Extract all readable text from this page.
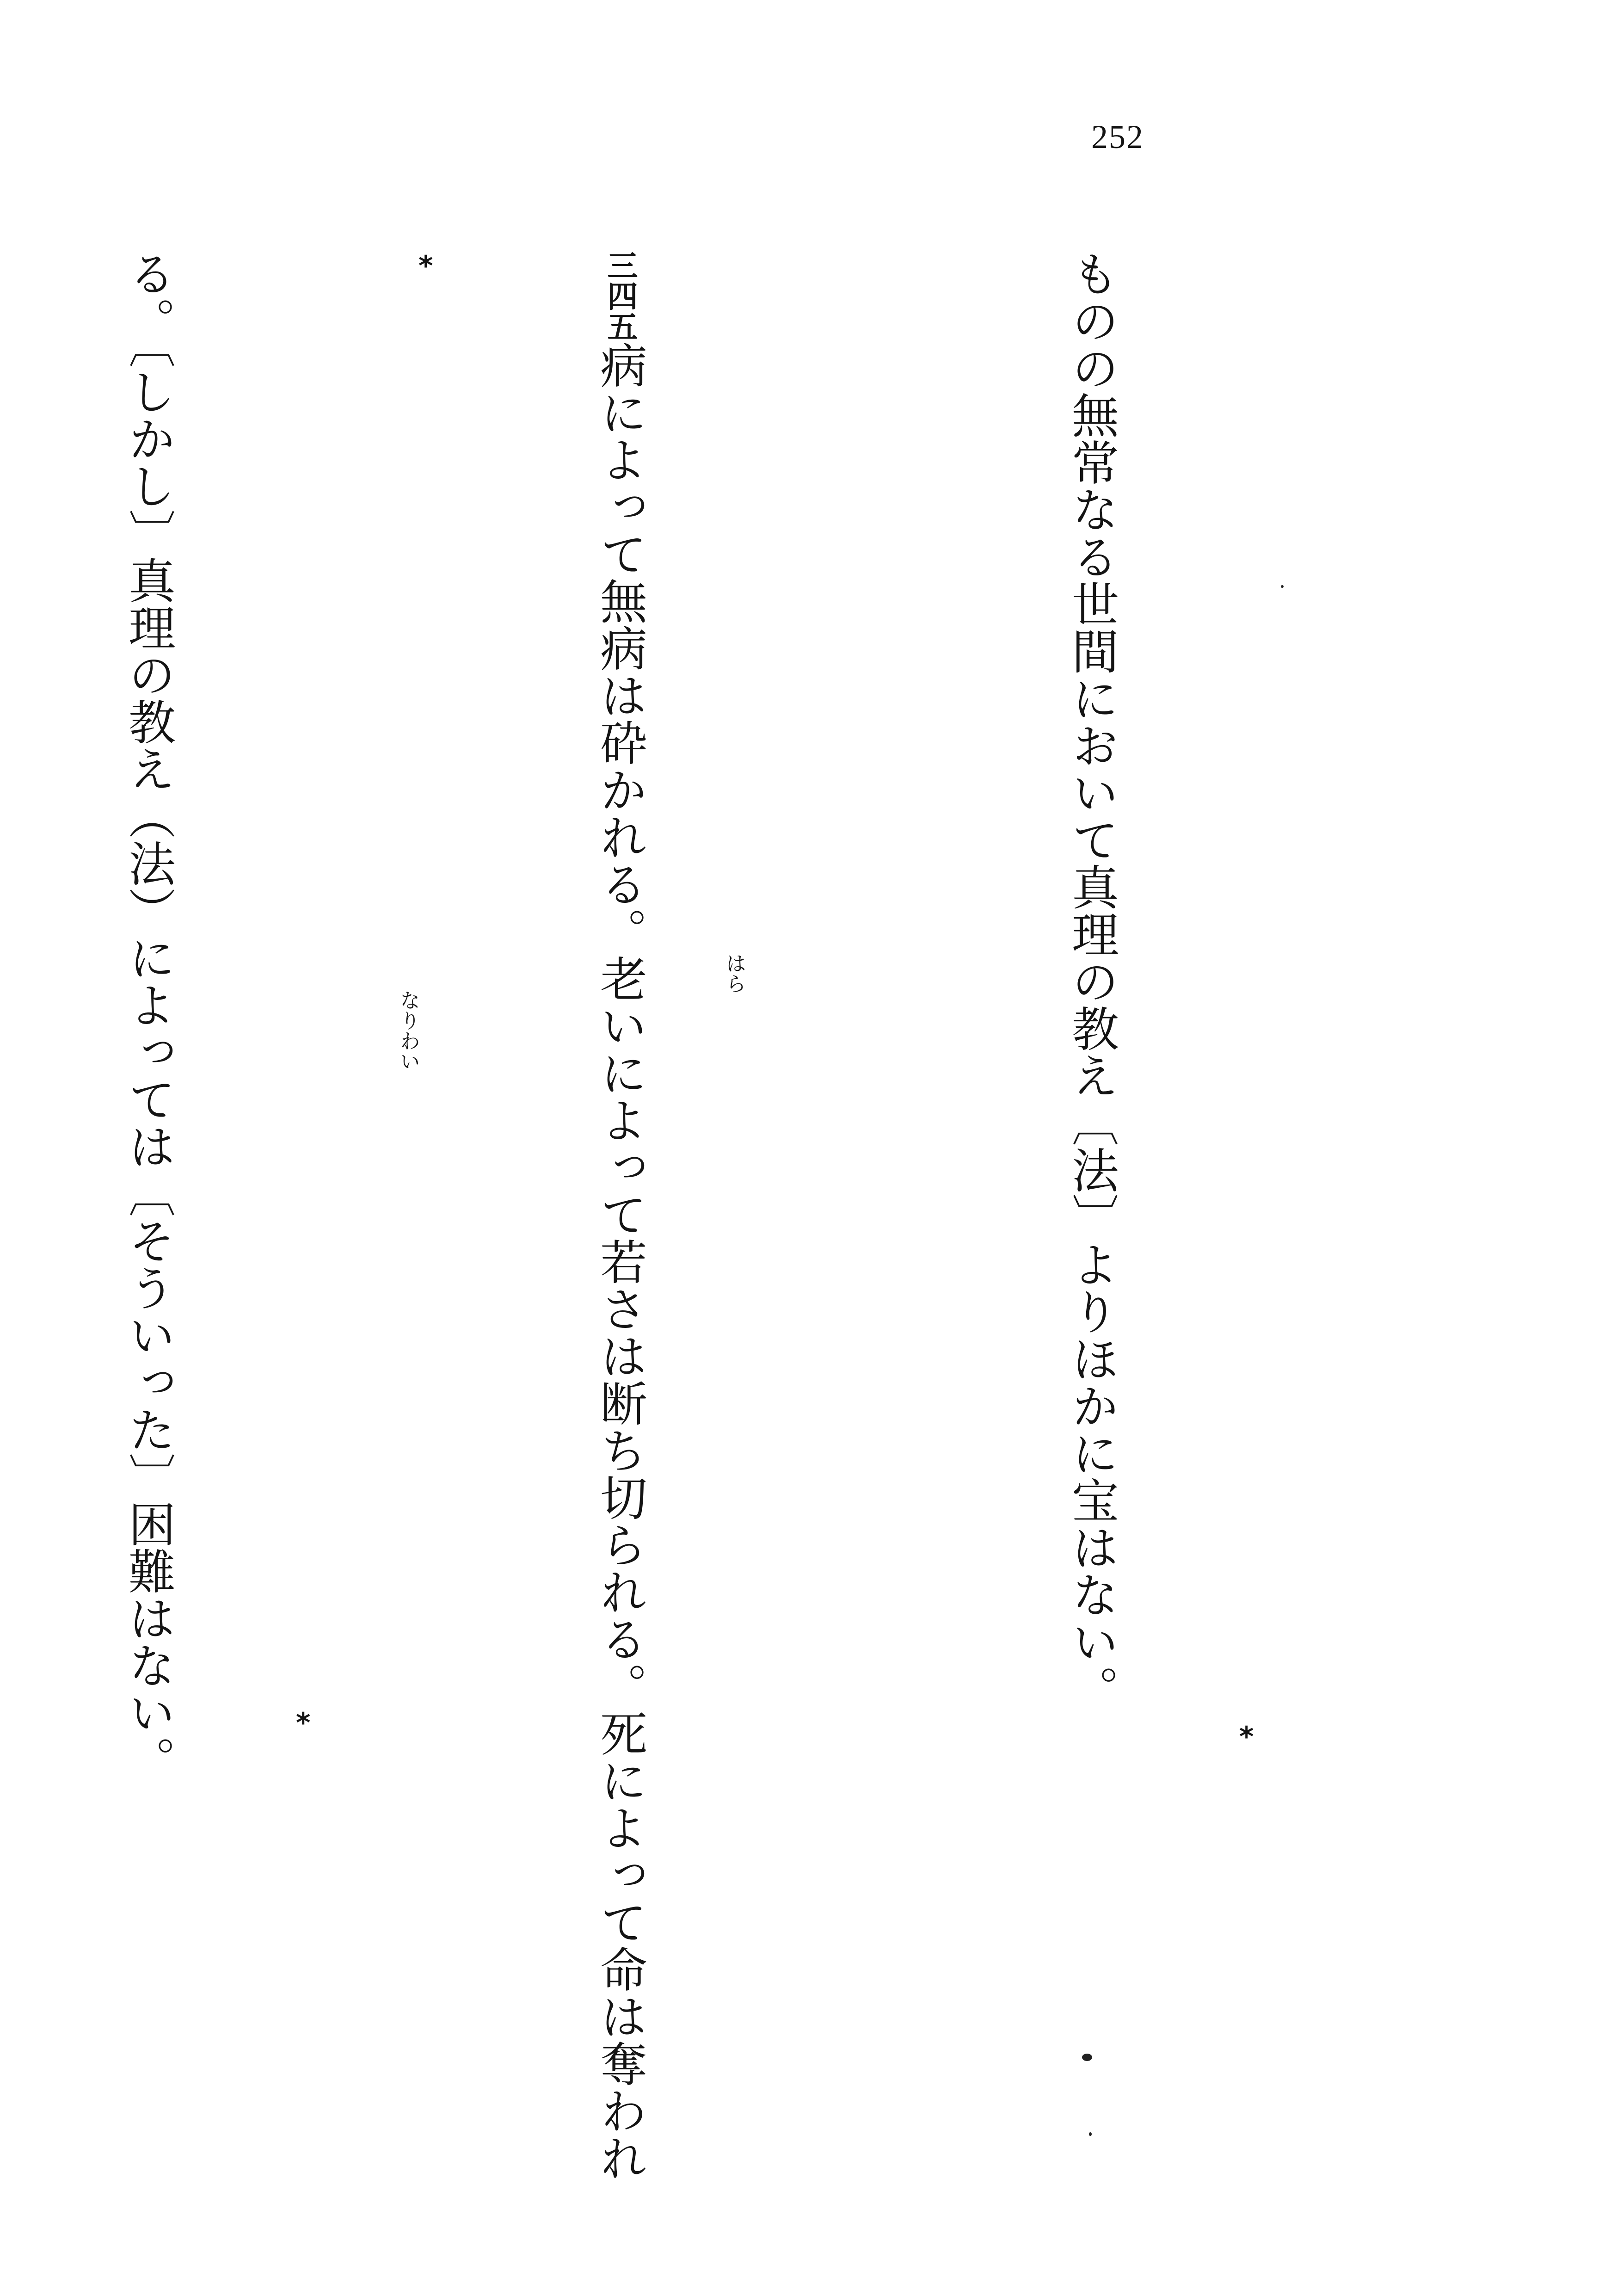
252

ものの無常なる世間において真理の教え〔法〕よりほかに宝はない。

三四五病によって無病は砕かれる。老いによって若さは断ち切られる。死によって命は奪われ

る。〔しかし〕真理の教え（法）によっては〔そういった〕困難はない。

	*
*	*
はら
なりわい
